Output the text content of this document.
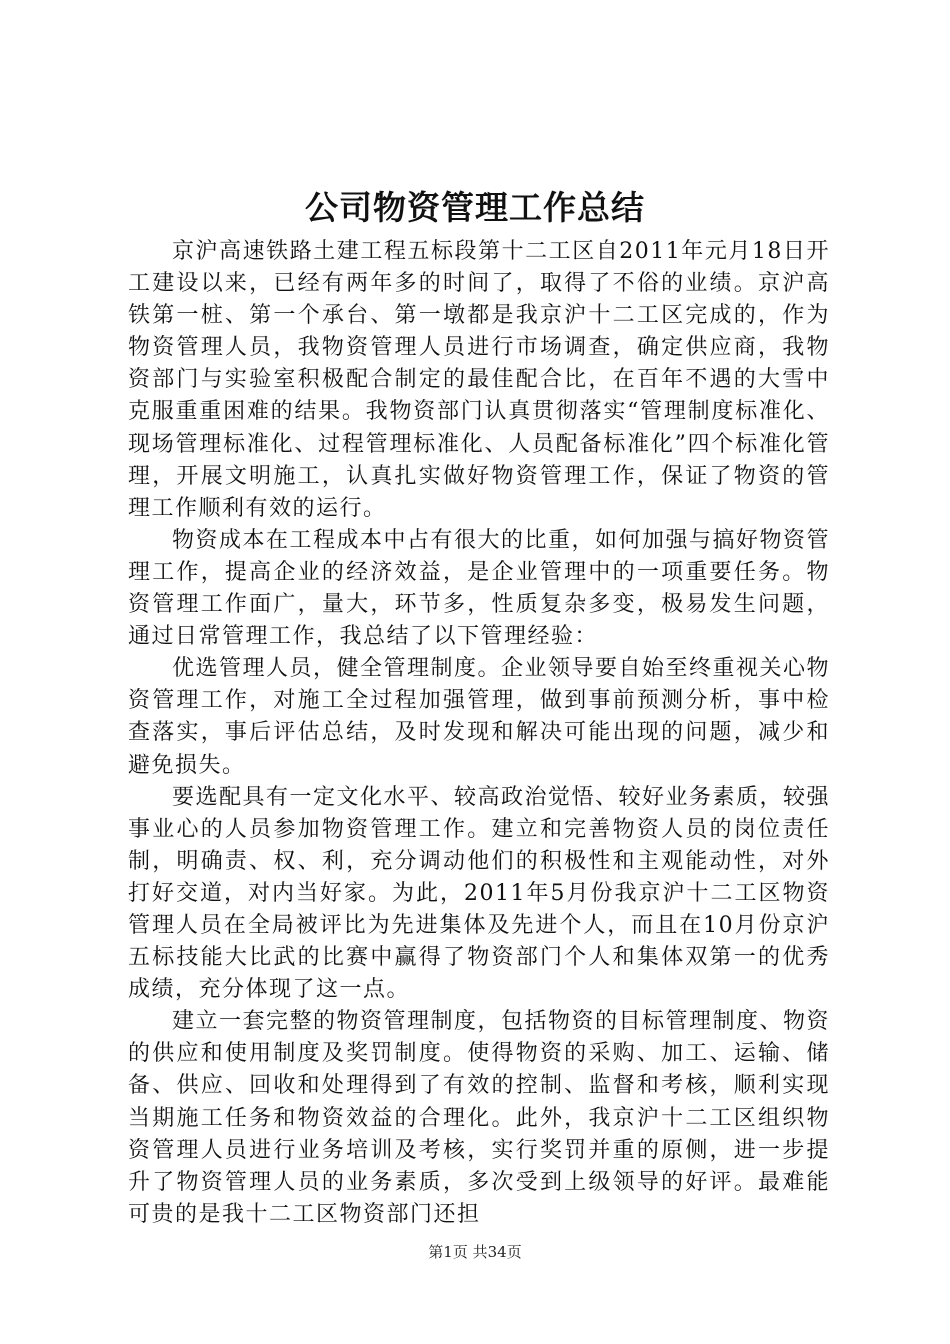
公司物资管理工作总结

京沪高速铁路土建工程五标段第十二工区自2011年元月18日开工建设以来，已经有两年多的时间了，取得了不俗的业绩。京沪高铁第一桩、第一个承台、第一墩都是我京沪十二工区完成的，作为物资管理人员，我物资管理人员进行市场调查，确定供应商，我物资部门与实验室积极配合制定的最佳配合比，在百年不遇的大雪中克服重重困难的结果。我物资部门认真贯彻落实“管理制度标准化、现场管理标准化、过程管理标准化、人员配备标准化”四个标准化管理，开展文明施工，认真扎实做好物资管理工作，保证了物资的管理工作顺利有效的运行。

物资成本在工程成本中占有很大的比重，如何加强与搞好物资管理工作，提高企业的经济效益，是企业管理中的一项重要任务。物资管理工作面广，量大，环节多，性质复杂多变，极易发生问题，通过日常管理工作，我总结了以下管理经验：

优选管理人员，健全管理制度。企业领导要自始至终重视关心物资管理工作，对施工全过程加强管理，做到事前预测分析，事中检查落实，事后评估总结，及时发现和解决可能出现的问题，减少和避免损失。

要选配具有一定文化水平、较高政治觉悟、较好业务素质，较强事业心的人员参加物资管理工作。建立和完善物资人员的岗位责任制，明确责、权、利，充分调动他们的积极性和主观能动性，对外打好交道，对内当好家。为此，2011年5月份我京沪十二工区物资管理人员在全局被评比为先进集体及先进个人，而且在10月份京沪五标技能大比武的比赛中赢得了物资部门个人和集体双第一的优秀成绩，充分体现了这一点。

建立一套完整的物资管理制度，包括物资的目标管理制度、物资的供应和使用制度及奖罚制度。使得物资的采购、加工、运输、储备、供应、回收和处理得到了有效的控制、监督和考核，顺利实现当期施工任务和物资效益的合理化。此外，我京沪十二工区组织物资管理人员进行业务培训及考核，实行奖罚并重的原侧，进一步提升了物资管理人员的业务素质，多次受到上级领导的好评。最难能可贵的是我十二工区物资部门还担

第1页 共34页
